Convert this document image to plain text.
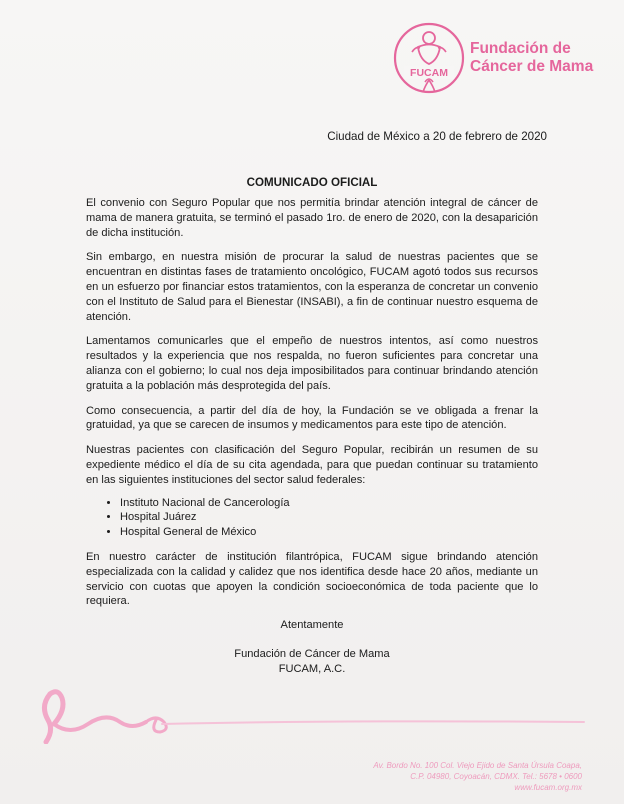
FUCAM
Fundación de
Cáncer de Mama
Ciudad de México a 20 de febrero de 2020
COMUNICADO OFICIAL

El convenio con Seguro Popular que nos permitía brindar atención integral de cáncer de mama de manera gratuita, se terminó el pasado 1ro. de enero de 2020, con la desaparición de dicha institución.

Sin embargo, en nuestra misión de procurar la salud de nuestras pacientes que se encuentran en distintas fases de tratamiento oncológico, FUCAM agotó todos sus recursos en un esfuerzo por financiar estos tratamientos, con la esperanza de concretar un convenio con el Instituto de Salud para el Bienestar (INSABI), a fin de continuar nuestro esquema de atención.

Lamentamos comunicarles que el empeño de nuestros intentos, así como nuestros resultados y la experiencia que nos respalda, no fueron suficientes para concretar una alianza con el gobierno; lo cual nos deja imposibilitados para continuar brindando atención gratuita a la población más desprotegida del país.

Como consecuencia, a partir del día de hoy, la Fundación se ve obligada a frenar la gratuidad, ya que se carecen de insumos y medicamentos para este tipo de atención.

Nuestras pacientes con clasificación del Seguro Popular, recibirán un resumen de su expediente médico el día de su cita agendada, para que puedan continuar su tratamiento en las siguientes instituciones del sector salud federales:

• Instituto Nacional de Cancerología
• Hospital Juárez
• Hospital General de México

En nuestro carácter de institución filantrópica, FUCAM sigue brindando atención especializada con la calidad y calidez que nos identifica desde hace 20 años, mediante un servicio con cuotas que apoyen la condición socioeconómica de toda paciente que lo requiera.

Atentamente
Fundación de Cáncer de Mama
FUCAM, A.C.
Av. Bordo No. 100 Col. Viejo Ejido de Santa Úrsula Coapa,
C.P. 04980, Coyoacán, CDMX. Tel.: 5678 • 0600
www.fucam.org.mx
